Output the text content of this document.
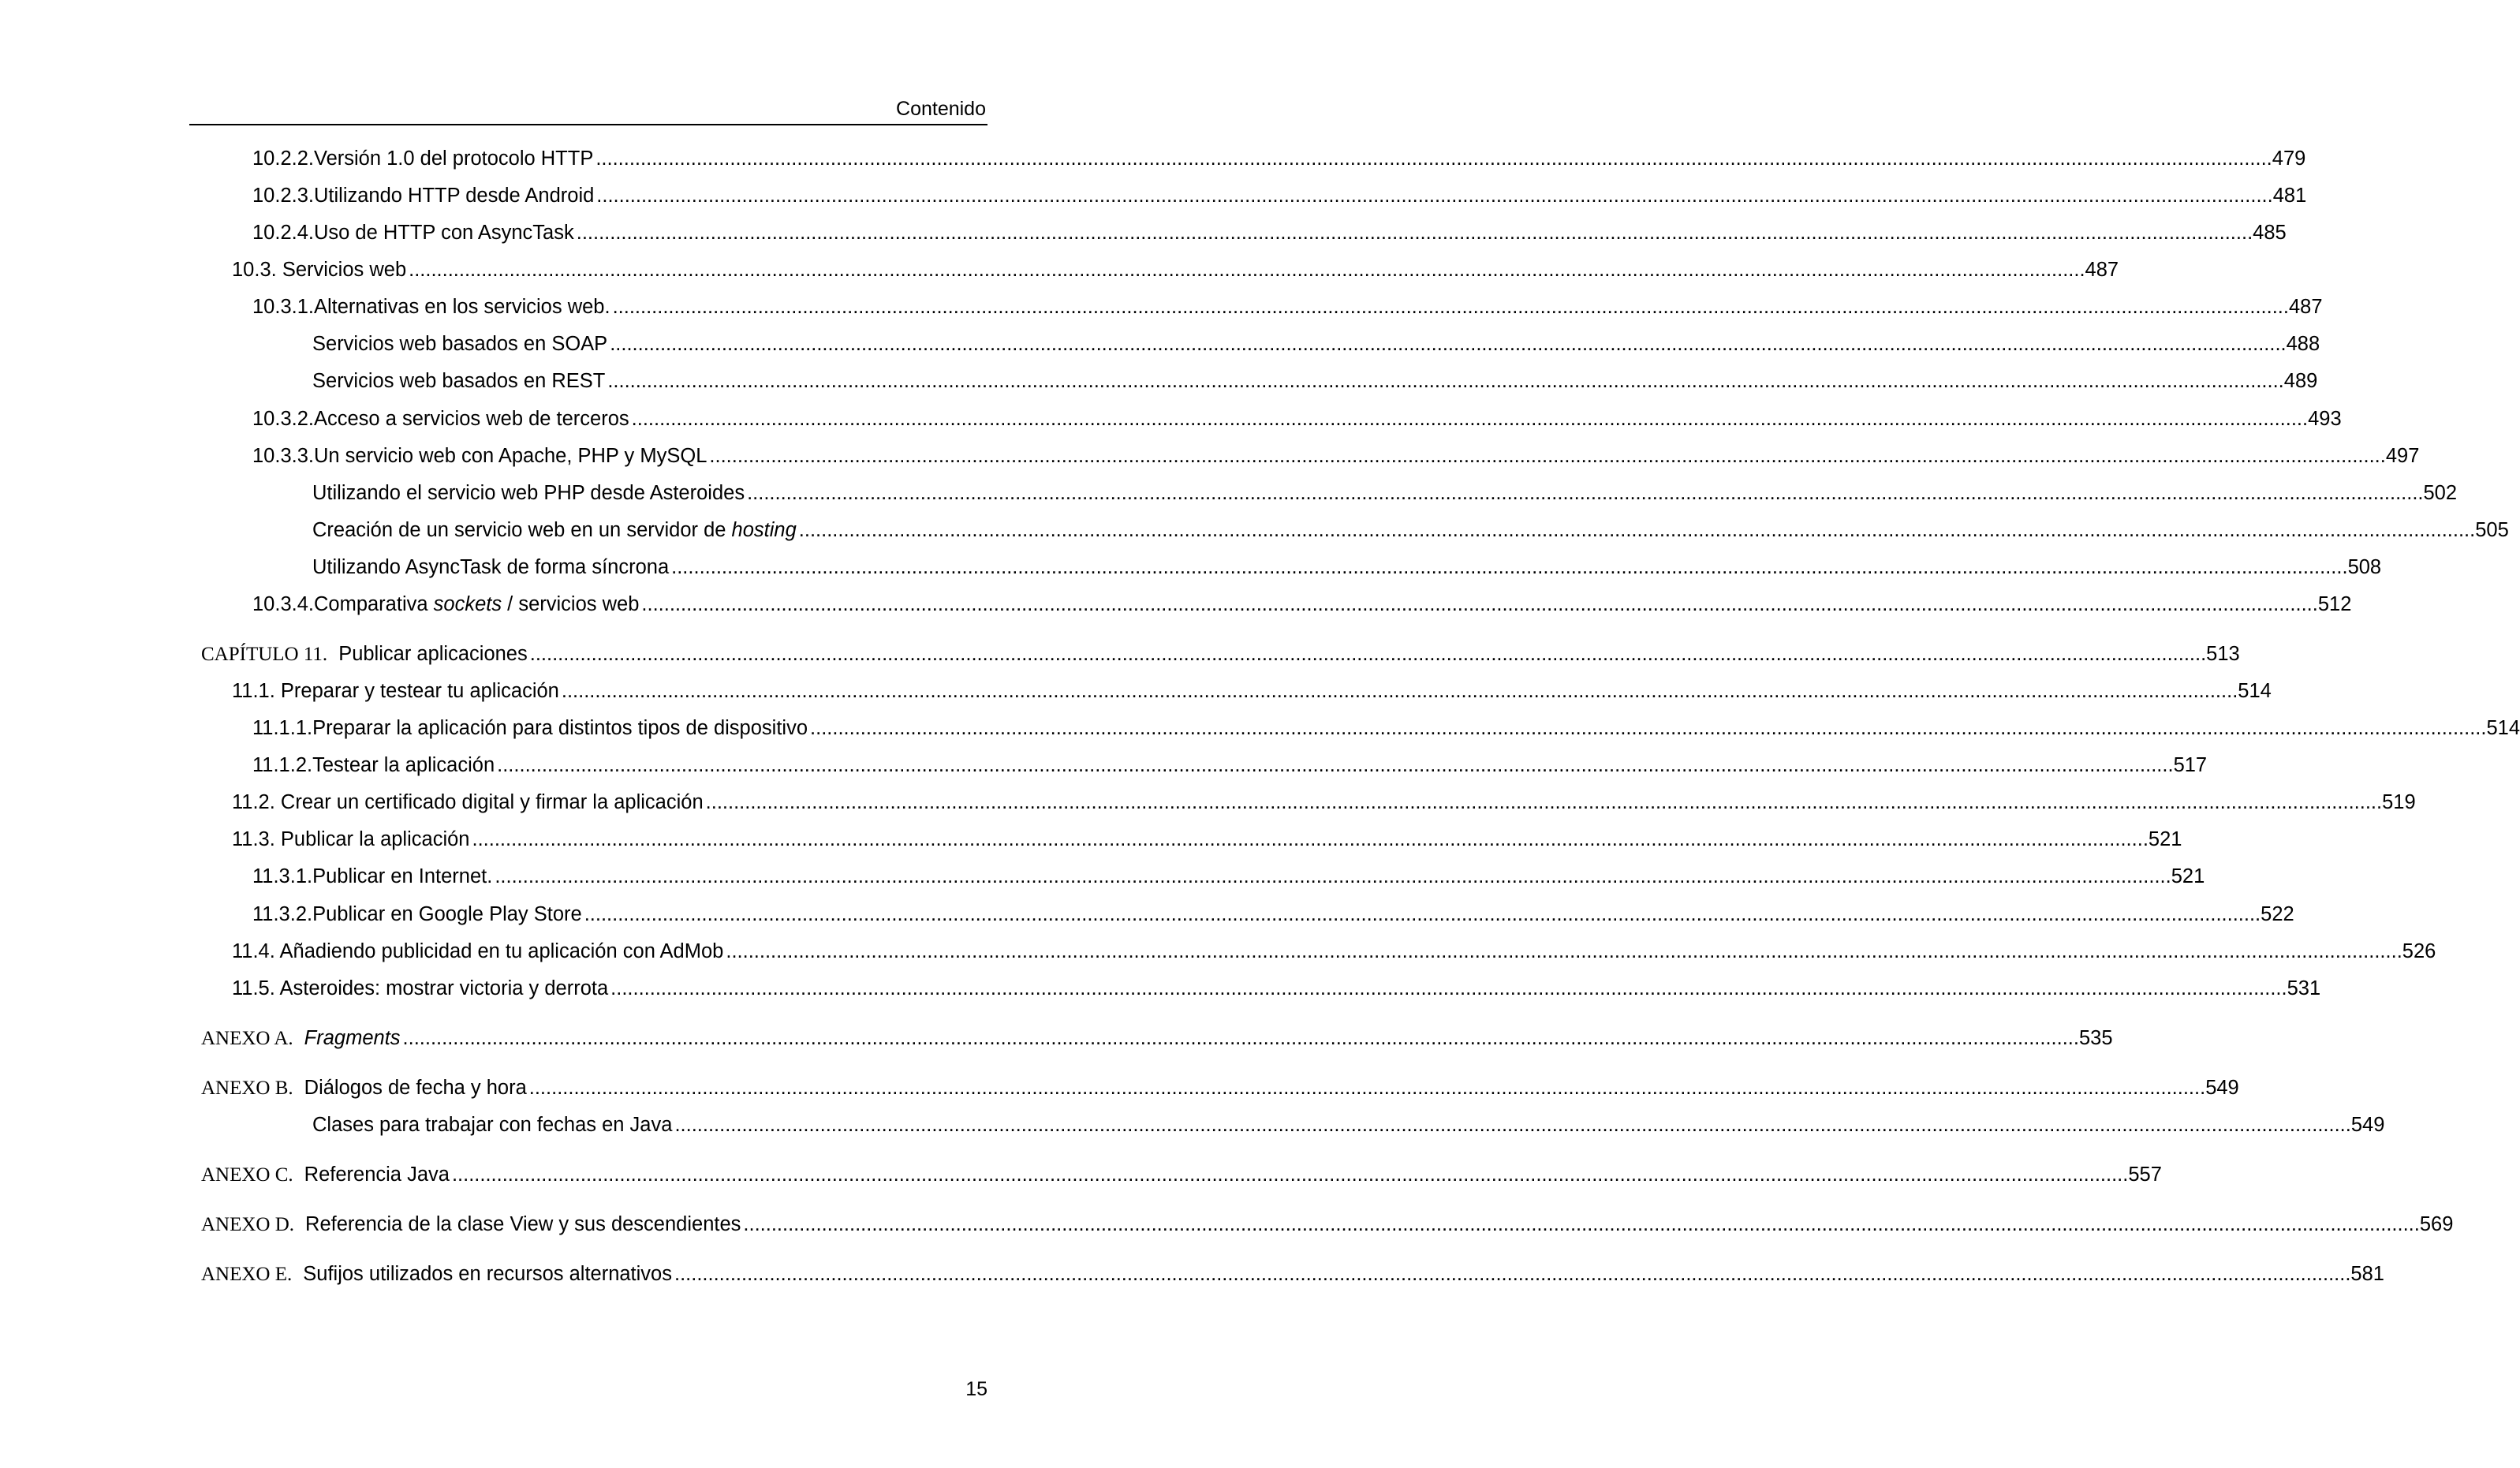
Contenido
10.2.2.Versión 1.0 del protocolo HTTP ............................................................................................................................................................................................................................................................................................................ 479
10.2.3.Utilizando HTTP desde Android ............................................................................................................................................................................................................................................................................................................ 481
10.2.4.Uso de HTTP con AsyncTask ............................................................................................................................................................................................................................................................................................................ 485
10.3. Servicios web ............................................................................................................................................................................................................................................................................................................ 487
10.3.1.Alternativas en los servicios web. ............................................................................................................................................................................................................................................................................................................ 487
Servicios web basados en SOAP ............................................................................................................................................................................................................................................................................................................ 488
Servicios web basados en REST ............................................................................................................................................................................................................................................................................................................ 489
10.3.2.Acceso a servicios web de terceros ............................................................................................................................................................................................................................................................................................................ 493
10.3.3.Un servicio web con Apache, PHP y MySQL ............................................................................................................................................................................................................................................................................................................ 497
Utilizando el servicio web PHP desde Asteroides ............................................................................................................................................................................................................................................................................................................ 502
Creación de un servicio web en un servidor de hosting ............................................................................................................................................................................................................................................................................................................ 505
Utilizando AsyncTask de forma síncrona ............................................................................................................................................................................................................................................................................................................ 508
10.3.4.Comparativa sockets / servicios web ............................................................................................................................................................................................................................................................................................................ 512
CAPÍTULO 11. Publicar aplicaciones ............................................................................................................................................................................................................................................................................................................ 513
11.1. Preparar y testear tu aplicación ............................................................................................................................................................................................................................................................................................................ 514
11.1.1.Preparar la aplicación para distintos tipos de dispositivo ............................................................................................................................................................................................................................................................................................................ 514
11.1.2.Testear la aplicación ............................................................................................................................................................................................................................................................................................................ 517
11.2. Crear un certificado digital y firmar la aplicación ............................................................................................................................................................................................................................................................................................................ 519
11.3. Publicar la aplicación ............................................................................................................................................................................................................................................................................................................ 521
11.3.1.Publicar en Internet. ............................................................................................................................................................................................................................................................................................................ 521
11.3.2.Publicar en Google Play Store ............................................................................................................................................................................................................................................................................................................ 522
11.4. Añadiendo publicidad en tu aplicación con AdMob ............................................................................................................................................................................................................................................................................................................ 526
11.5. Asteroides: mostrar victoria y derrota ............................................................................................................................................................................................................................................................................................................ 531
ANEXO A. Fragments ............................................................................................................................................................................................................................................................................................................ 535
ANEXO B. Diálogos de fecha y hora ............................................................................................................................................................................................................................................................................................................ 549
Clases para trabajar con fechas en Java ............................................................................................................................................................................................................................................................................................................ 549
ANEXO C. Referencia Java ............................................................................................................................................................................................................................................................................................................ 557
ANEXO D. Referencia de la clase View y sus descendientes ............................................................................................................................................................................................................................................................................................................ 569
ANEXO E. Sufijos utilizados en recursos alternativos ............................................................................................................................................................................................................................................................................................................ 581
15
